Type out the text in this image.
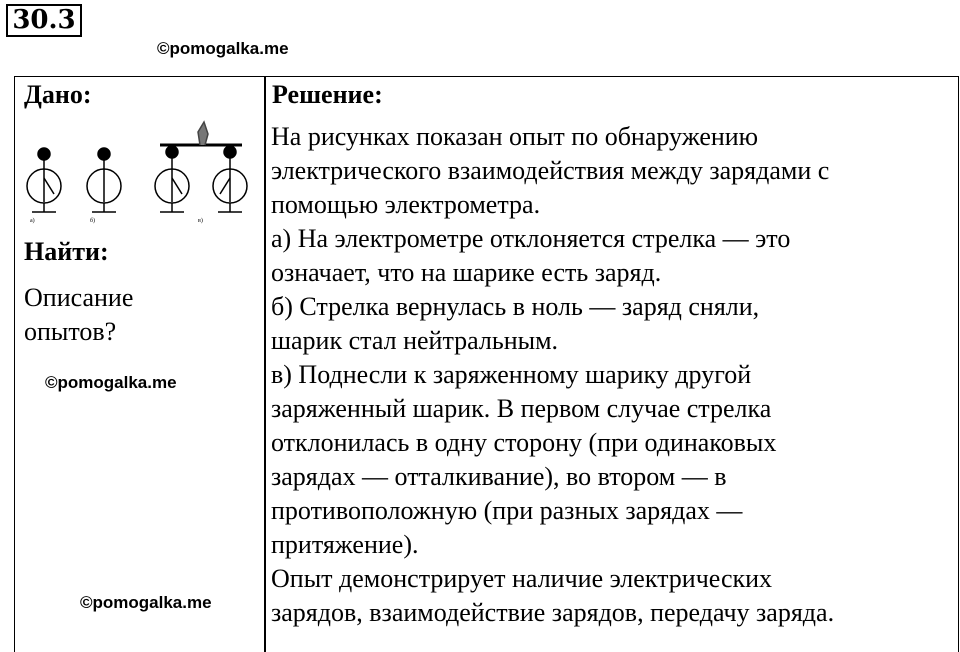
30.3
©pomogalka.me
Дано:
а)	б)	в)
Найти:
Описание
опытов?
©pomogalka.me
©pomogalka.me
Решение:
На рисунках показан опыт по обнаружению
электрического взаимодействия между зарядами с
помощью электрометра.
а) На электрометре отклоняется стрелка — это
означает, что на шарике есть заряд.
б) Стрелка вернулась в ноль — заряд сняли,
шарик стал нейтральным.
в) Поднесли к заряженному шарику другой
заряженный шарик. В первом случае стрелка
отклонилась в одну сторону (при одинаковых
зарядах — отталкивание), во втором — в
противоположную (при разных зарядах —
притяжение).
Опыт демонстрирует наличие электрических
зарядов, взаимодействие зарядов, передачу заряда.
